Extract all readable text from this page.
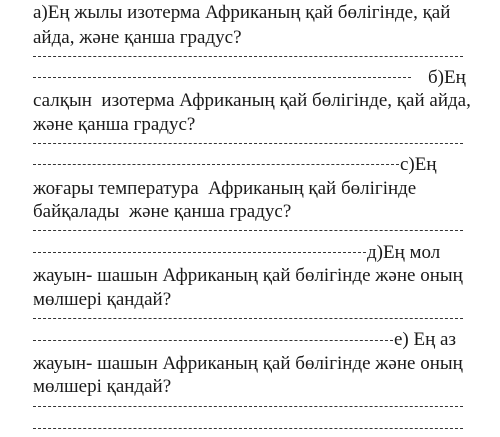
а)Ең жылы изотерма Африканың қай бөлігінде, қай
айда, және қанша градус?
б)Ең
салқын  изотерма Африканың қай бөлігінде, қай айда,
және қанша градус?
с)Ең
жоғары температура  Африканың қай бөлігінде
байқалады  және қанша градус?
д)Ең мол
жауын- шашын Африканың қай бөлігінде және оның
мөлшері қандай?
е) Ең аз
жауын- шашын Африканың қай бөлігінде және оның
мөлшері қандай?
